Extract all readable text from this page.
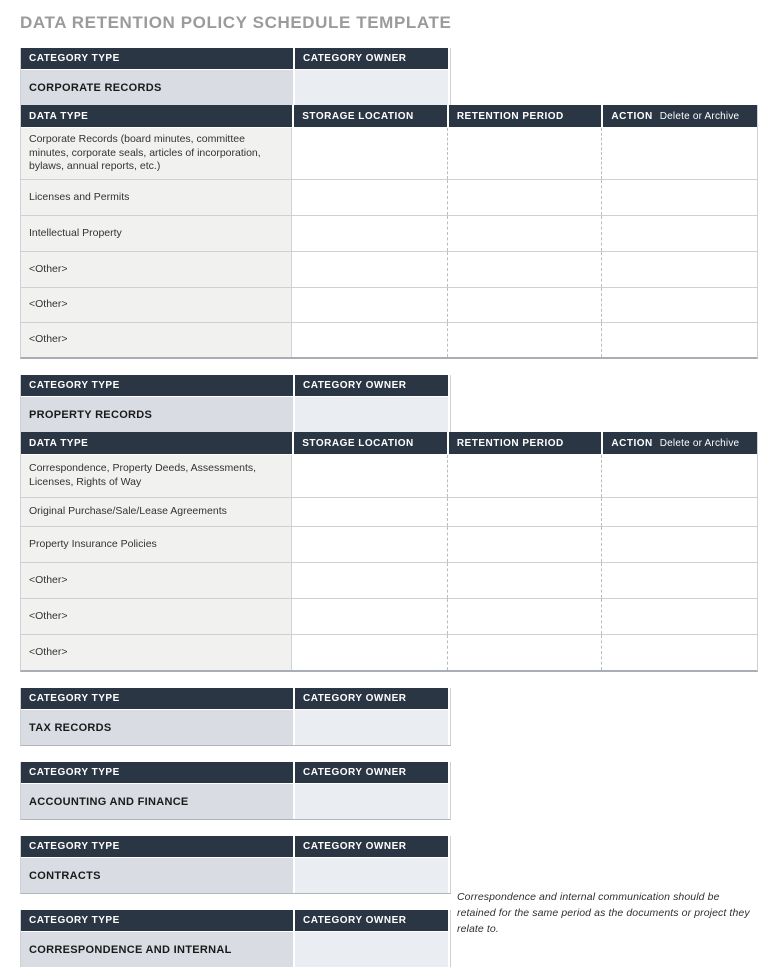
DATA RETENTION POLICY SCHEDULE TEMPLATE
CATEGORY TYPE	CATEGORY OWNER
CORPORATE RECORDS
DATA TYPE	STORAGE LOCATION	RETENTION PERIOD	ACTION Delete or Archive
Corporate Records (board minutes, committee minutes, corporate seals, articles of incorporation, bylaws, annual reports, etc.)
Licenses and Permits
Intellectual Property
<Other>
<Other>
<Other>
CATEGORY TYPE	CATEGORY OWNER
PROPERTY RECORDS
DATA TYPE	STORAGE LOCATION	RETENTION PERIOD	ACTION Delete or Archive
Correspondence, Property Deeds, Assessments, Licenses, Rights of Way
Original Purchase/Sale/Lease Agreements
Property Insurance Policies
<Other>
<Other>
<Other>
CATEGORY TYPE	CATEGORY OWNER
TAX RECORDS
CATEGORY TYPE	CATEGORY OWNER
ACCOUNTING AND FINANCE
CATEGORY TYPE	CATEGORY OWNER
CONTRACTS
CATEGORY TYPE	CATEGORY OWNER
CORRESPONDENCE AND INTERNAL
Correspondence and internal communication should be retained for the same period as the documents or project they relate to.
